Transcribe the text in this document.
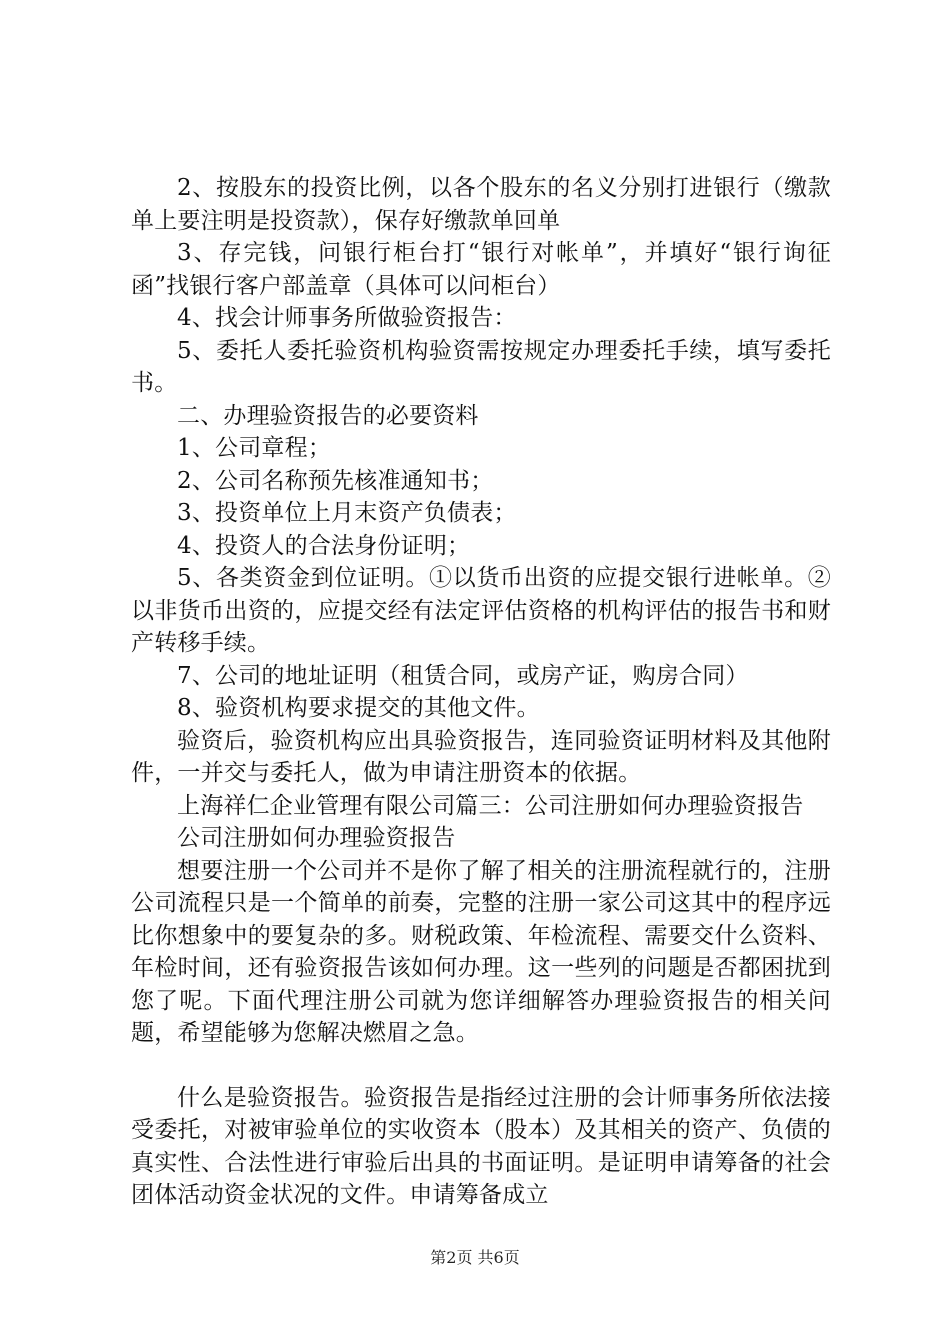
2、按股东的投资比例，以各个股东的名义分别打进银行（缴款单上要注明是投资款），保存好缴款单回单

3、存完钱，问银行柜台打“银行对帐单”，并填好“银行询征函”找银行客户部盖章（具体可以问柜台）

4、找会计师事务所做验资报告：

5、委托人委托验资机构验资需按规定办理委托手续，填写委托书。

二、办理验资报告的必要资料

1、公司章程；

2、公司名称预先核准通知书；

3、投资单位上月末资产负债表；

4、投资人的合法身份证明；

5、各类资金到位证明。①以货币出资的应提交银行进帐单。②以非货币出资的，应提交经有法定评估资格的机构评估的报告书和财产转移手续。

7、公司的地址证明（租赁合同，或房产证，购房合同）

8、验资机构要求提交的其他文件。

验资后，验资机构应出具验资报告，连同验资证明材料及其他附件，一并交与委托人，做为申请注册资本的依据。

上海祥仁企业管理有限公司篇三：公司注册如何办理验资报告

公司注册如何办理验资报告

想要注册一个公司并不是你了解了相关的注册流程就行的，注册公司流程只是一个简单的前奏，完整的注册一家公司这其中的程序远比你想象中的要复杂的多。财税政策、年检流程、需要交什么资料、年检时间，还有验资报告该如何办理。这一些列的问题是否都困扰到您了呢。下面代理注册公司就为您详细解答办理验资报告的相关问题，希望能够为您解决燃眉之急。

什么是验资报告。验资报告是指经过注册的会计师事务所依法接受委托，对被审验单位的实收资本（股本）及其相关的资产、负债的真实性、合法性进行审验后出具的书面证明。是证明申请筹备的社会团体活动资金状况的文件。申请筹备成立

第2页 共6页
